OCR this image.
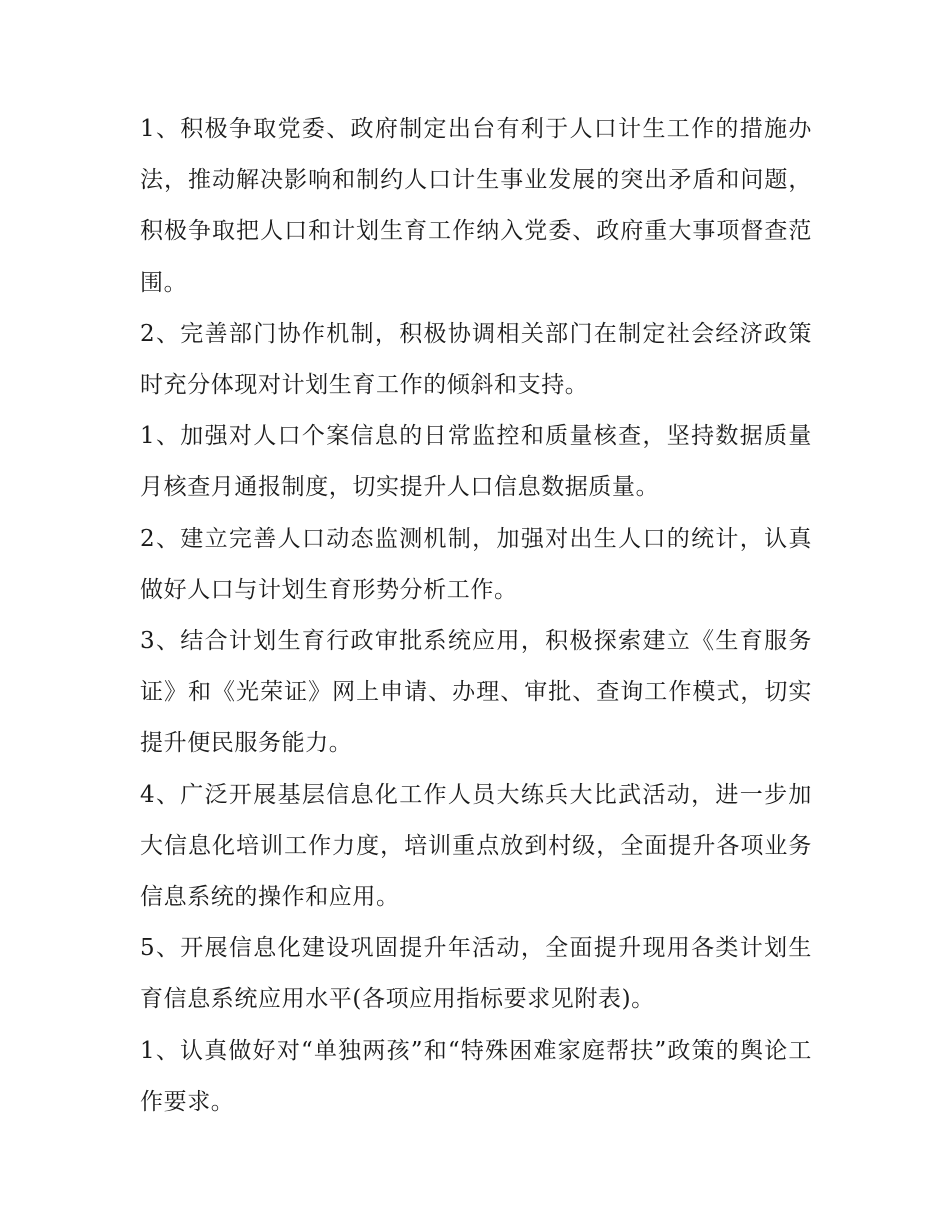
1、积极争取党委、政府制定出台有利于人口计生工作的措施办法，推动解决影响和制约人口计生事业发展的突出矛盾和问题，积极争取把人口和计划生育工作纳入党委、政府重大事项督查范围。

2、完善部门协作机制，积极协调相关部门在制定社会经济政策时充分体现对计划生育工作的倾斜和支持。

1、加强对人口个案信息的日常监控和质量核查，坚持数据质量月核查月通报制度，切实提升人口信息数据质量。

2、建立完善人口动态监测机制，加强对出生人口的统计，认真做好人口与计划生育形势分析工作。

3、结合计划生育行政审批系统应用，积极探索建立《生育服务证》和《光荣证》网上申请、办理、审批、查询工作模式，切实提升便民服务能力。

4、广泛开展基层信息化工作人员大练兵大比武活动，进一步加大信息化培训工作力度，培训重点放到村级，全面提升各项业务信息系统的操作和应用。

5、开展信息化建设巩固提升年活动，全面提升现用各类计划生育信息系统应用水平(各项应用指标要求见附表)。

1、认真做好对“单独两孩”和“特殊困难家庭帮扶”政策的舆论工作要求。
